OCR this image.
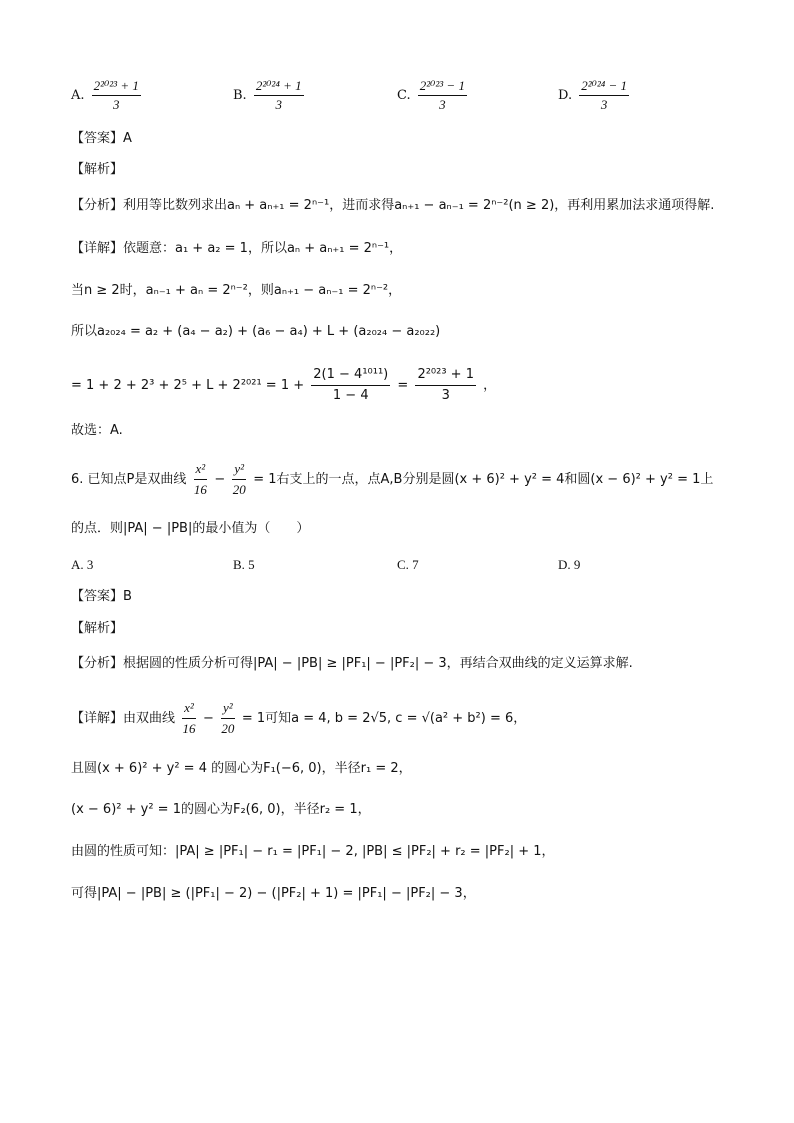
A. $\frac{\text{2²⁰²³ + 1}}{3}$	B. $\frac{\text{2²⁰²⁴ + 1}}{3}$	C. $\frac{\text{2²⁰²³ − 1}}{3}$	D. $\frac{\text{2²⁰²⁴ − 1}}{3}$
【答案】A
【解析】
【分析】利用等比数列求出aₙ + aₙ₊₁ = 2ⁿ⁻¹，进而求得aₙ₊₁ − aₙ₋₁ = 2ⁿ⁻²(n ≥ 2)，再利用累加法求通项得解.
【详解】依题意：a₁ + a₂ = 1，所以aₙ + aₙ₊₁ = 2ⁿ⁻¹，
当n ≥ 2时，aₙ₋₁ + aₙ = 2ⁿ⁻²，则aₙ₊₁ − aₙ₋₁ = 2ⁿ⁻²，
所以a₂₀₂₄ = a₂ + (a₄ − a₂) + (a₆ − a₄) + L + (a₂₀₂₄ − a₂₀₂₂)
= $1 + 2 + 2^3 + 2^5 + L + 2^{2021} = 1 + \frac{\text{2(1 − 4¹⁰¹¹)}}{1 - 4} = \frac{\text{2²⁰²³ + 1}}{3}$ ，
故选：A.
6. 已知点P是双曲线 $\frac{\text{x²}}{16} - \frac{\text{y²}}{20} = 1$右支上的一点，点A,B分别是圆(x + 6)² + y² = 4和圆(x − 6)² + y² = 1上
的点．则|PA| − |PB|的最小值为（　　）
A. 3	B. 5	C. 7	D. 9
【答案】B
【解析】
【分析】根据圆的性质分析可得|PA| − |PB| ≥ |PF₁| − |PF₂| − 3，再结合双曲线的定义运算求解.
【详解】由双曲线 $\frac{\text{x²}}{16} - \frac{\text{y²}}{20} = 1$可知a = 4, b = 2√5, c = √(a² + b²) = 6，
且圆(x + 6)² + y² = 4 的圆心为F₁(−6, 0)，半径r₁ = 2，
(x − 6)² + y² = 1的圆心为F₂(6, 0)，半径r₂ = 1，
由圆的性质可知：|PA| ≥ |PF₁| − r₁ = |PF₁| − 2, |PB| ≤ |PF₂| + r₂ = |PF₂| + 1，
可得|PA| − |PB| ≥ (|PF₁| − 2) − (|PF₂| + 1) = |PF₁| − |PF₂| − 3，
